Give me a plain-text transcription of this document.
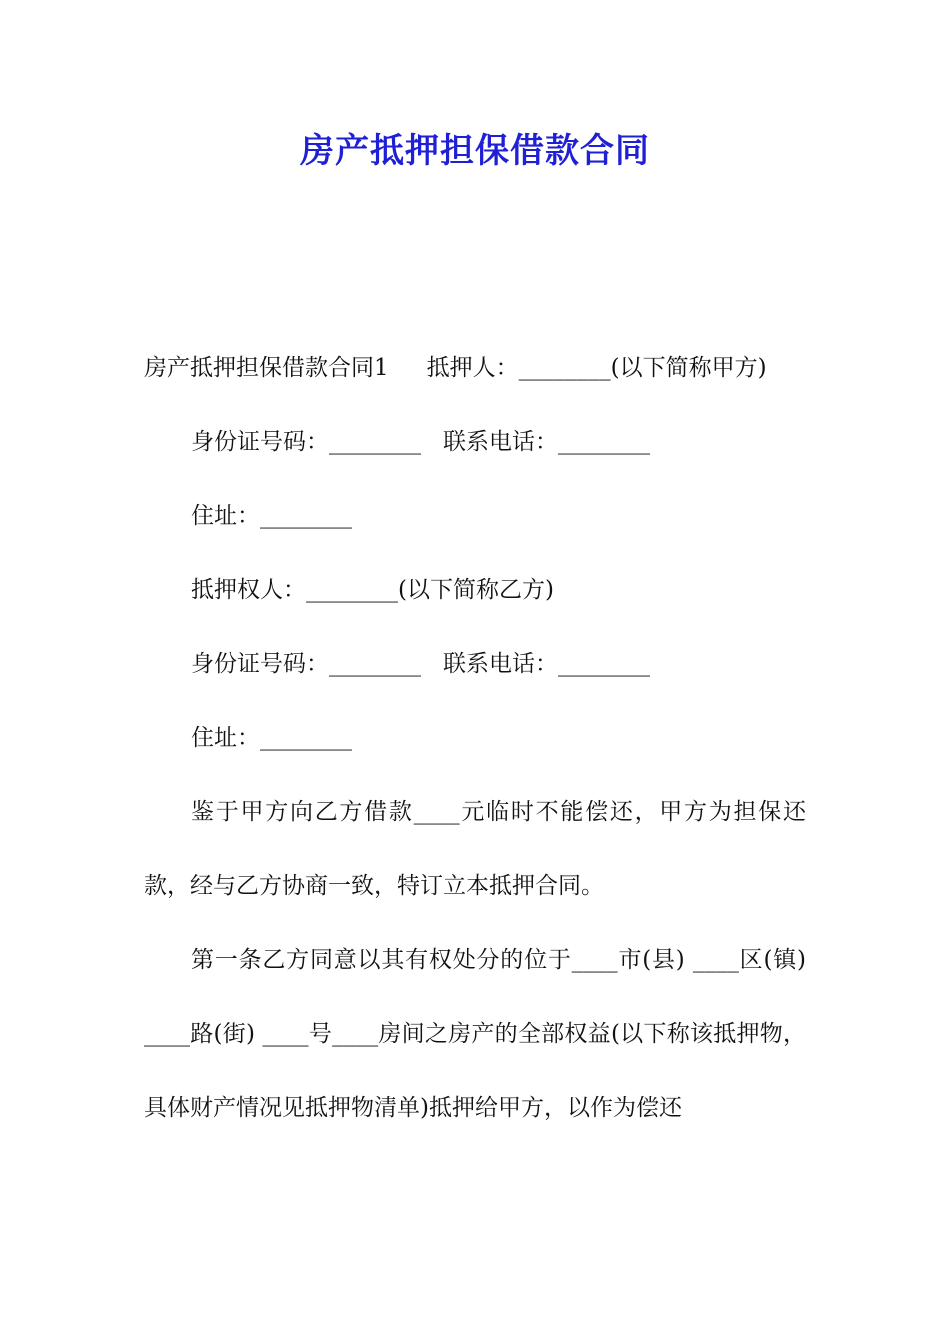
房产抵押担保借款合同

房产抵押担保借款合同1 抵押人：________(以下简称甲方)

身份证号码：________ 联系电话：________

住址：________

抵押权人：________(以下简称乙方)

身份证号码：________ 联系电话：________

住址：________

鉴于甲方向乙方借款____元临时不能偿还，甲方为担保还款，经与乙方协商一致，特订立本抵押合同。

第一条乙方同意以其有权处分的位于____市(县) ____区(镇) ____路(街) ____号____房间之房产的全部权益(以下称该抵押物，具体财产情况见抵押物清单)抵押给甲方，以作为偿还
